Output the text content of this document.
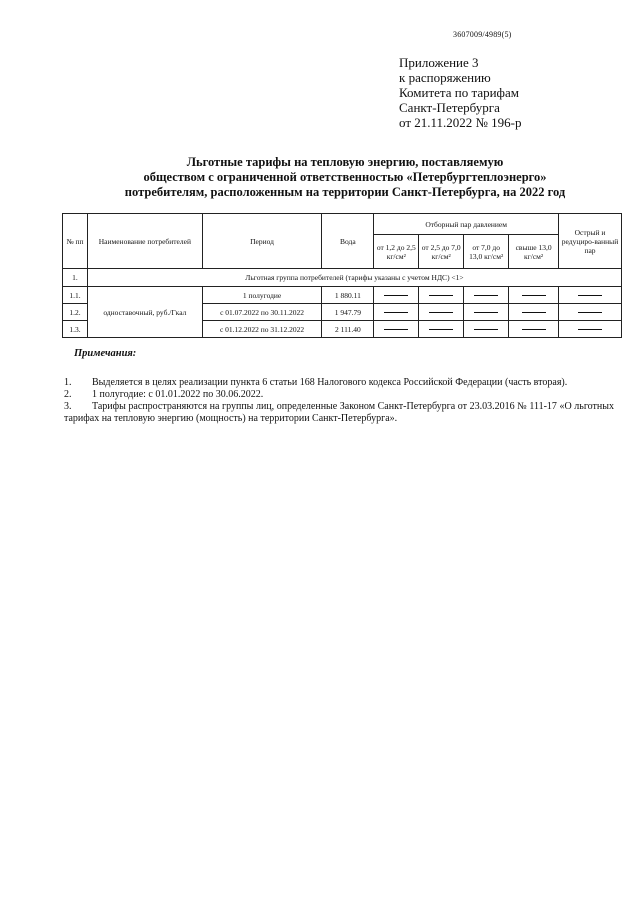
3607009/4989(5)
Приложение 3
к распоряжению
Комитета по тарифам
Санкт-Петербурга
от 21.11.2022 № 196-р
Льготные тарифы на тепловую энергию, поставляемую
обществом с ограниченной ответственностью «Петербургтеплоэнерго»
потребителям, расположенным на территории Санкт-Петербурга, на 2022 год
№ пп	Наименование потребителей	Период	Вода	Отборный пар давлением				Острый и редуциро-ванный пар
				от 1,2 до 2,5 кг/см²	от 2,5 до 7,0 кг/см²	от 7,0 до 13,0 кг/см²	свыше 13,0 кг/см²	
1.	Льготная группа потребителей (тарифы указаны с учетом НДС) <1>							
1.1.	одноставочный, руб./Гкал	1 полугодие	1 880.11					
1.2.		с 01.07.2022 по 30.11.2022	1 947.79					
1.3.		с 01.12.2022 по 31.12.2022	2 111.40					
Примечания:
1. Выделяется в целях реализации пункта 6 статьи 168 Налогового кодекса Российской Федерации (часть вторая).
2. 1 полугодие: с 01.01.2022 по 30.06.2022.
3. Тарифы распространяются на группы лиц, определенные Законом Санкт-Петербурга от 23.03.2016 № 111-17 «О льготных тарифах на тепловую энергию (мощность) на территории Санкт-Петербурга».
